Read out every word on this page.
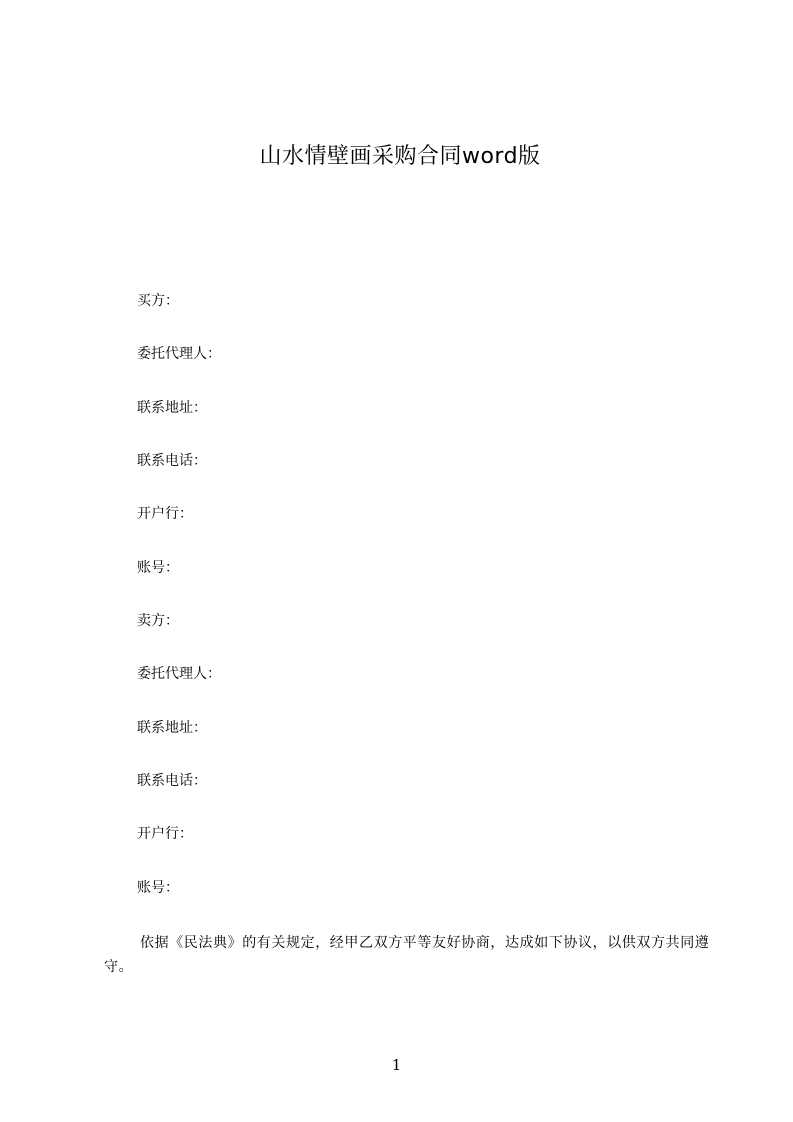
山水情壁画采购合同word版
买方：
委托代理人：
联系地址：
联系电话：
开户行：
账号：
卖方：
委托代理人：
联系地址：
联系电话：
开户行：
账号：
依据《民法典》的有关规定，经甲乙双方平等友好协商，达成如下协议，以供双方共同遵守。
1
